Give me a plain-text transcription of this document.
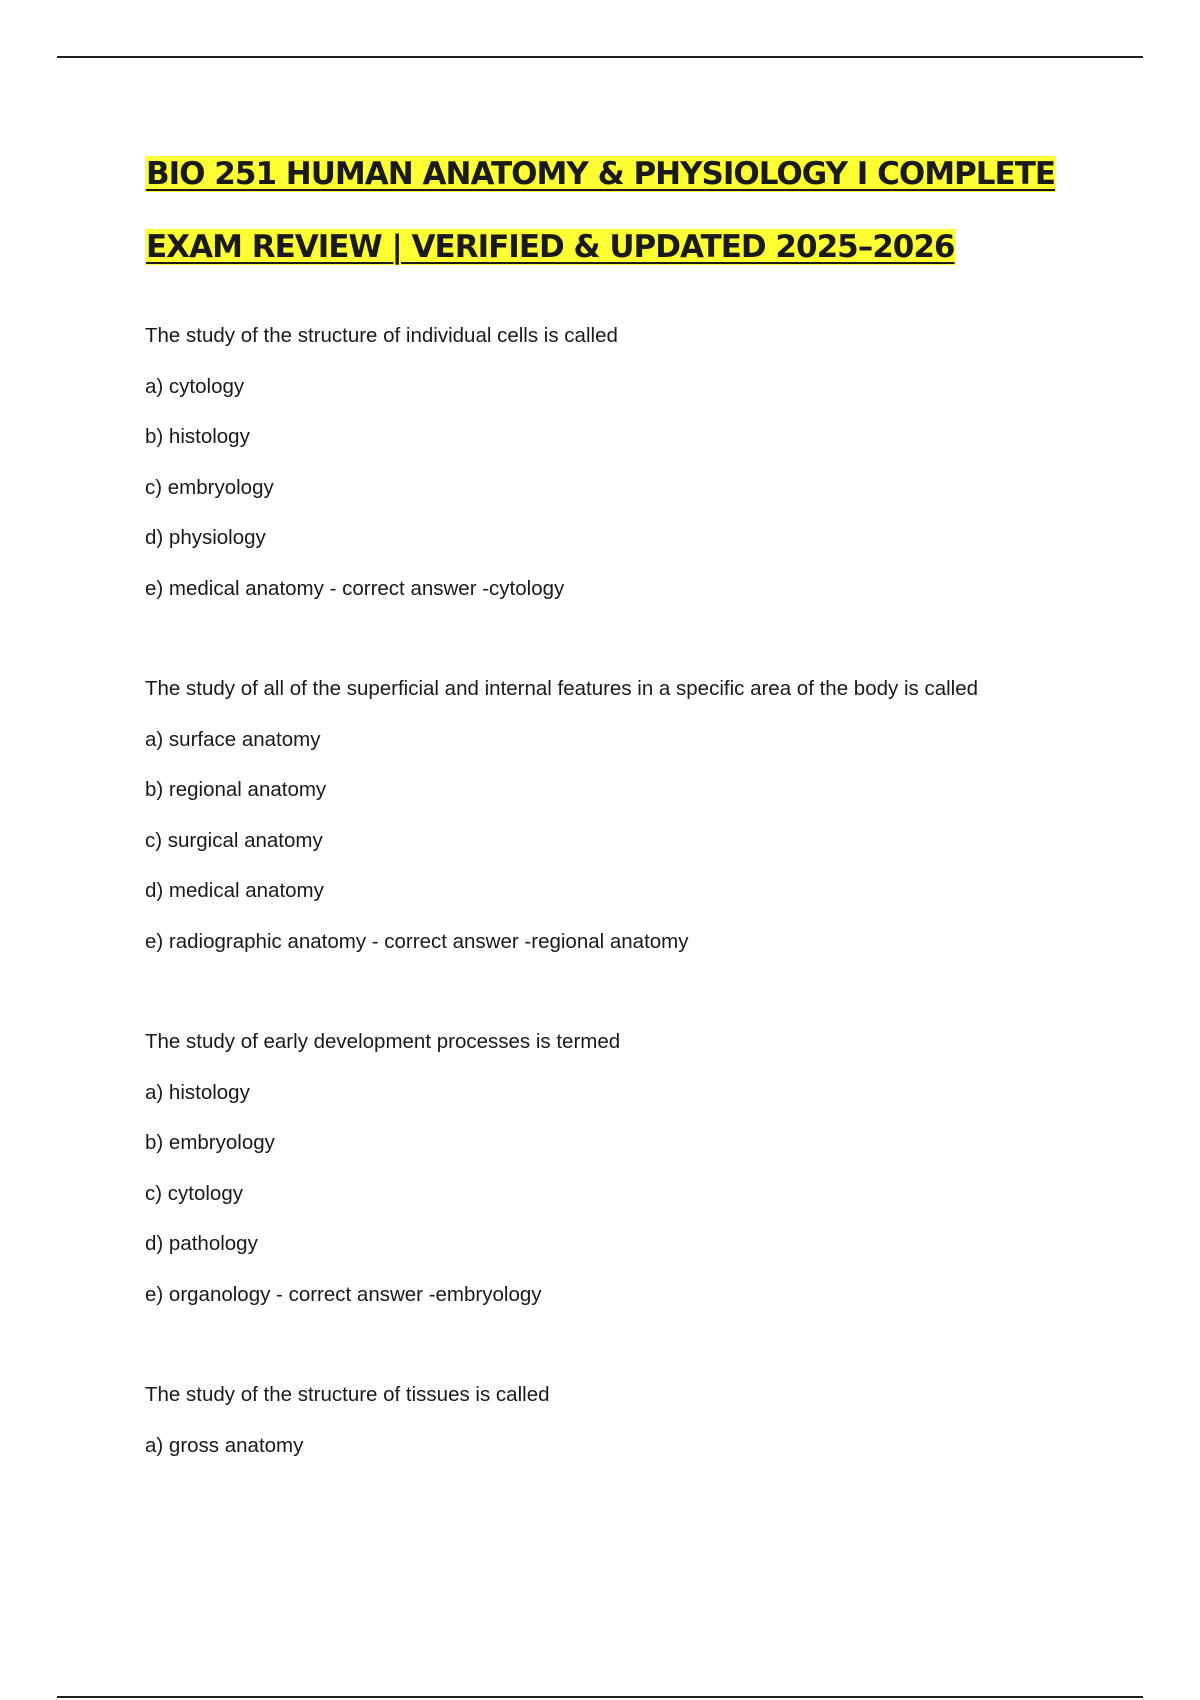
BIO 251 HUMAN ANATOMY & PHYSIOLOGY I COMPLETE
EXAM REVIEW | VERIFIED & UPDATED 2025–2026
The study of the structure of individual cells is called
a) cytology
b) histology
c) embryology
d) physiology
e) medical anatomy - correct answer -cytology
The study of all of the superficial and internal features in a specific area of the body is called
a) surface anatomy
b) regional anatomy
c) surgical anatomy
d) medical anatomy
e) radiographic anatomy - correct answer -regional anatomy
The study of early development processes is termed
a) histology
b) embryology
c) cytology
d) pathology
e) organology - correct answer -embryology
The study of the structure of tissues is called
a) gross anatomy
